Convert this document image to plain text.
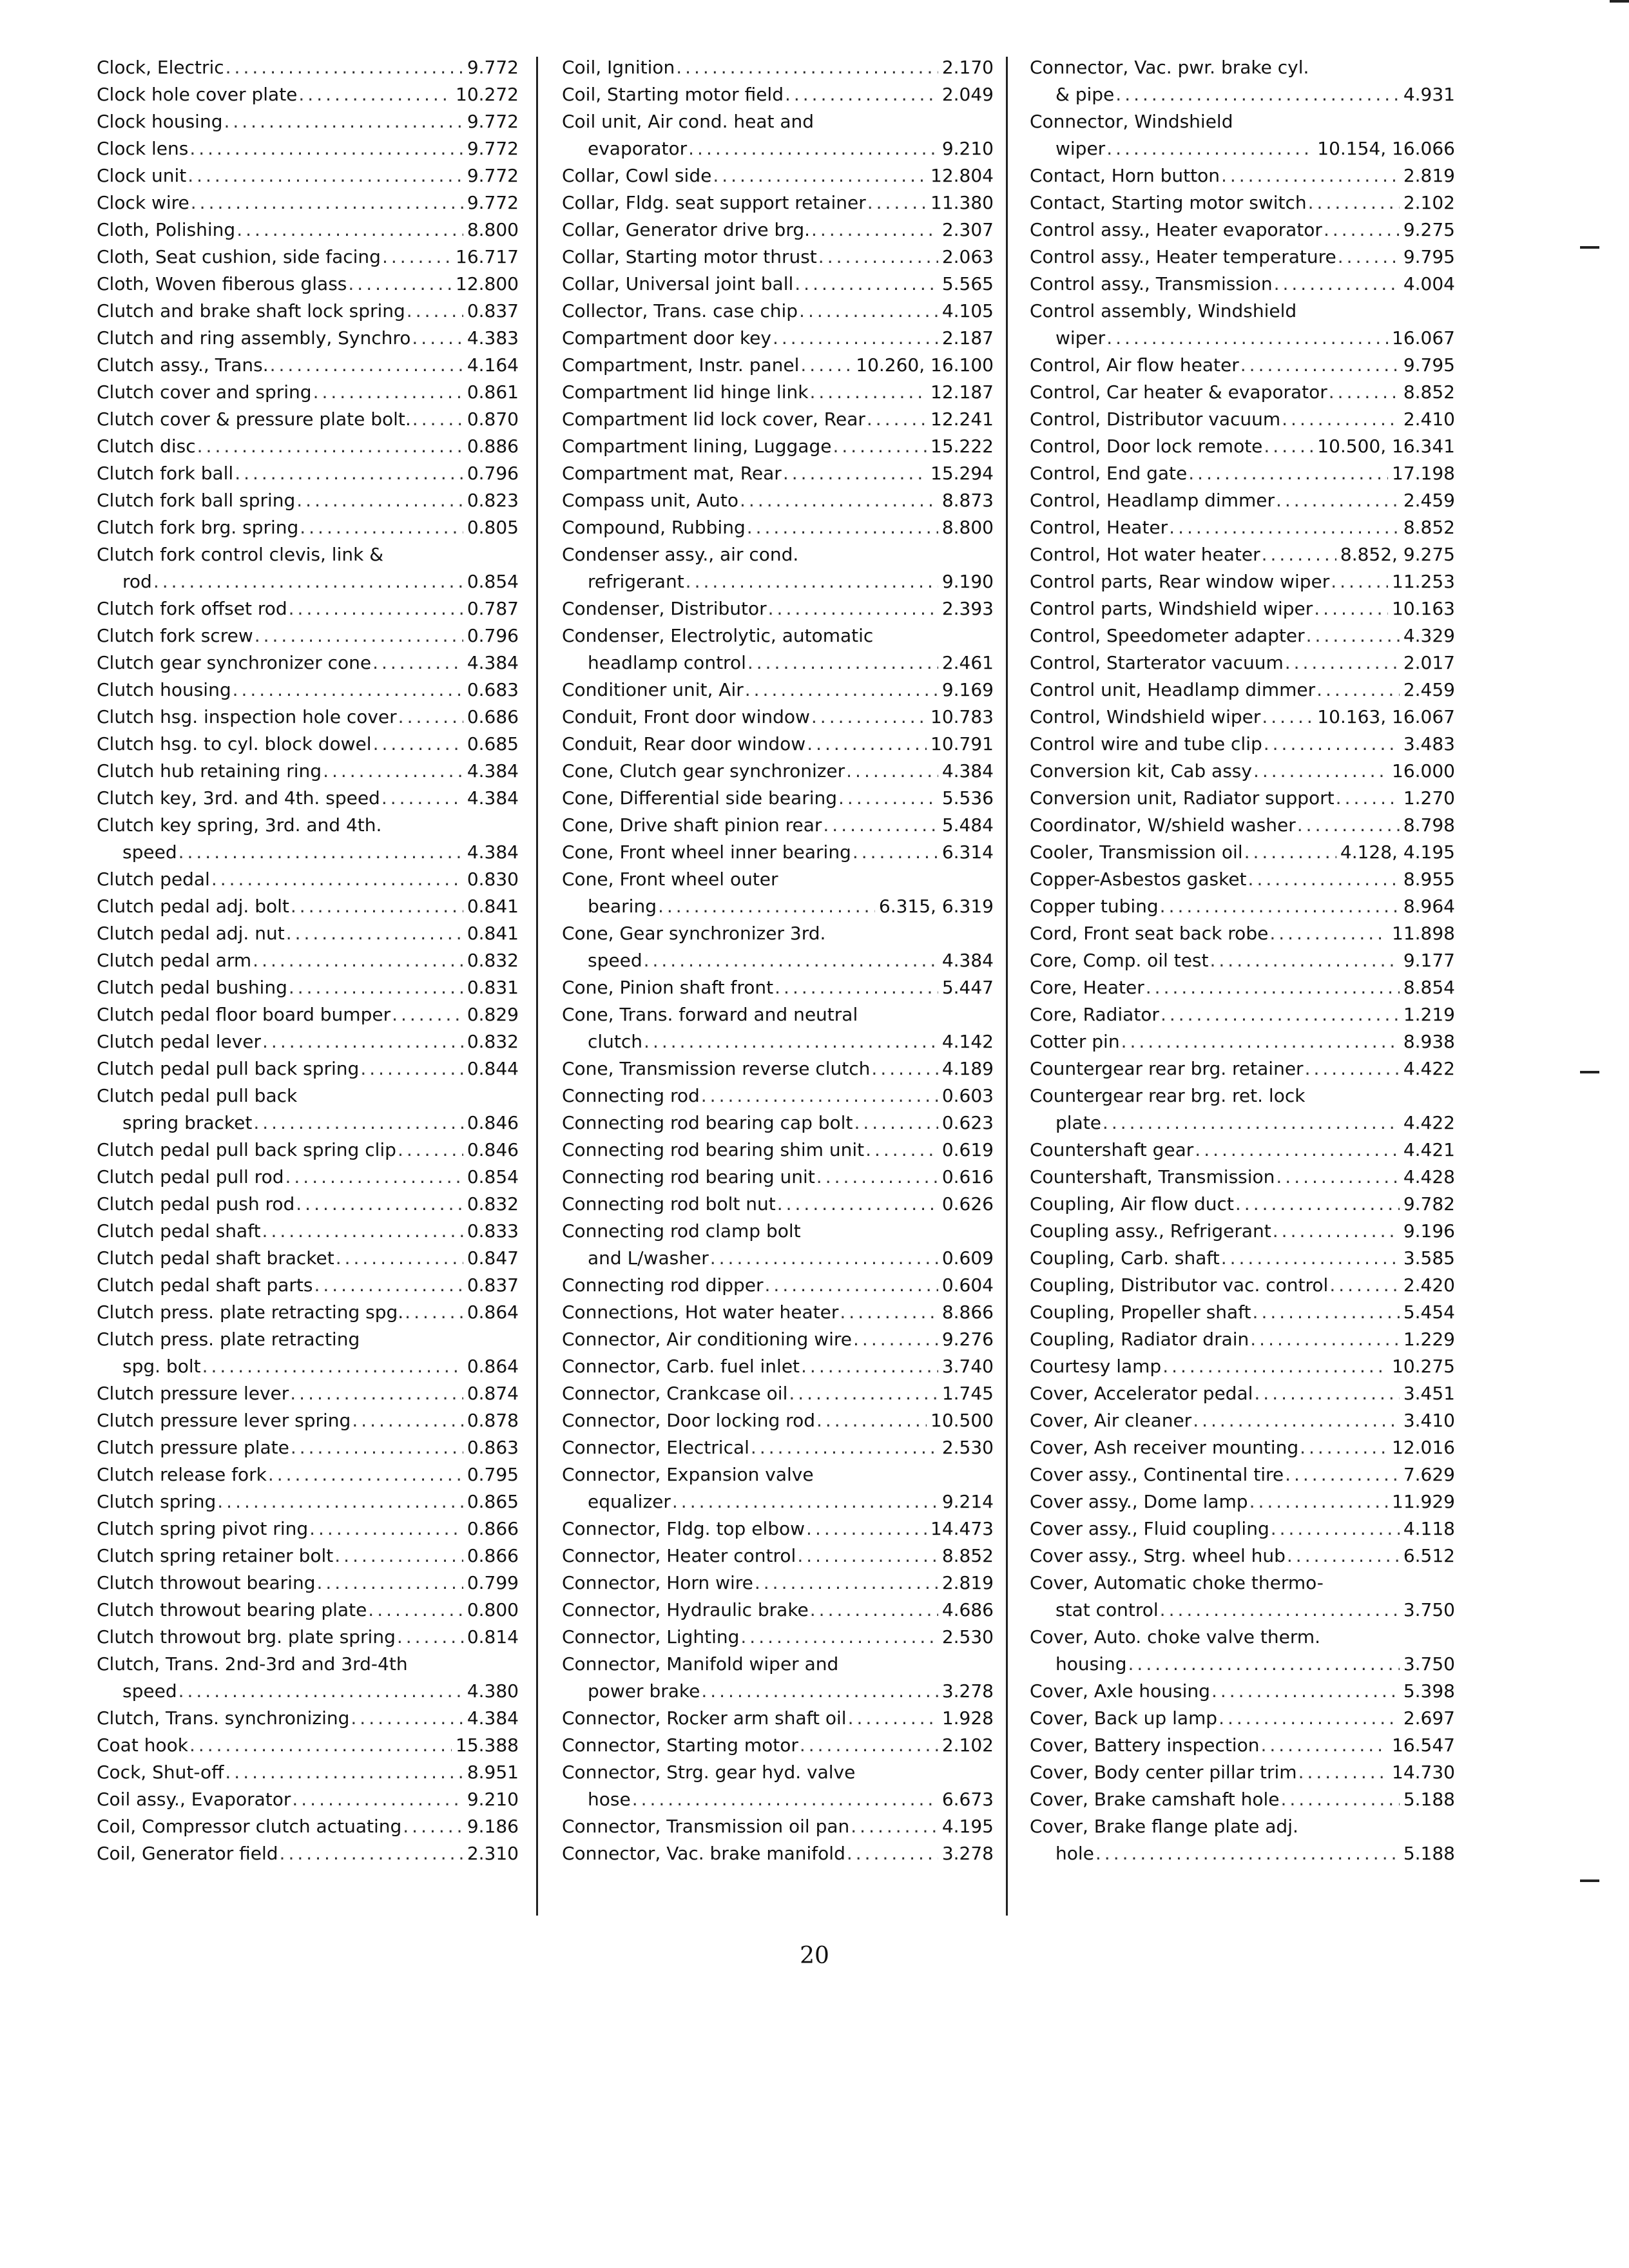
Clock, Electric .....	9.772
Clock hole cover plate .....	10.272
Clock housing .....	9.772
Clock lens .....	9.772
Clock unit .....	9.772
Clock wire .....	9.772
Cloth, Polishing .....	8.800
Cloth, Seat cushion, side facing .....	16.717
Cloth, Woven fiberous glass .....	12.800
Clutch and brake shaft lock spring .....	0.837
Clutch and ring assembly, Synchro .....	4.383
Clutch assy., Trans. .....	4.164
Clutch cover and spring .....	0.861
Clutch cover & pressure plate bolt. .....	0.870
Clutch disc .....	0.886
Clutch fork ball .....	0.796
Clutch fork ball spring .....	0.823
Clutch fork brg. spring .....	0.805
Clutch fork control clevis, link &
rod .....	0.854
Clutch fork offset rod .....	0.787
Clutch fork screw .....	0.796
Clutch gear synchronizer cone .....	4.384
Clutch housing .....	0.683
Clutch hsg. inspection hole cover .....	0.686
Clutch hsg. to cyl. block dowel .....	0.685
Clutch hub retaining ring .....	4.384
Clutch key, 3rd. and 4th. speed .....	4.384
Clutch key spring, 3rd. and 4th.
speed .....	4.384
Clutch pedal .....	0.830
Clutch pedal adj. bolt .....	0.841
Clutch pedal adj. nut .....	0.841
Clutch pedal arm .....	0.832
Clutch pedal bushing .....	0.831
Clutch pedal floor board bumper .....	0.829
Clutch pedal lever .....	0.832
Clutch pedal pull back spring .....	0.844
Clutch pedal pull back
spring bracket .....	0.846
Clutch pedal pull back spring clip .....	0.846
Clutch pedal pull rod .....	0.854
Clutch pedal push rod .....	0.832
Clutch pedal shaft .....	0.833
Clutch pedal shaft bracket .....	0.847
Clutch pedal shaft parts .....	0.837
Clutch press. plate retracting spg. .....	0.864
Clutch press. plate retracting
spg. bolt .....	0.864
Clutch pressure lever .....	0.874
Clutch pressure lever spring .....	0.878
Clutch pressure plate .....	0.863
Clutch release fork .....	0.795
Clutch spring .....	0.865
Clutch spring pivot ring .....	0.866
Clutch spring retainer bolt .....	0.866
Clutch throwout bearing .....	0.799
Clutch throwout bearing plate .....	0.800
Clutch throwout brg. plate spring .....	0.814
Clutch, Trans. 2nd-3rd and 3rd-4th
speed .....	4.380
Clutch, Trans. synchronizing .....	4.384
Coat hook .....	15.388
Cock, Shut-off .....	8.951
Coil assy., Evaporator .....	9.210
Coil, Compressor clutch actuating .....	9.186
Coil, Generator field .....	2.310
Coil, Ignition .....	2.170
Coil, Starting motor field .....	2.049
Coil unit, Air cond. heat and
evaporator .....	9.210
Collar, Cowl side .....	12.804
Collar, Fldg. seat support retainer .....	11.380
Collar, Generator drive brg. .....	2.307
Collar, Starting motor thrust .....	2.063
Collar, Universal joint ball .....	5.565
Collector, Trans. case chip .....	4.105
Compartment door key .....	2.187
Compartment, Instr. panel .....	10.260, 16.100
Compartment lid hinge link .....	12.187
Compartment lid lock cover, Rear .....	12.241
Compartment lining, Luggage .....	15.222
Compartment mat, Rear .....	15.294
Compass unit, Auto .....	8.873
Compound, Rubbing .....	8.800
Condenser assy., air cond.
refrigerant .....	9.190
Condenser, Distributor .....	2.393
Condenser, Electrolytic, automatic
headlamp control .....	2.461
Conditioner unit, Air .....	9.169
Conduit, Front door window .....	10.783
Conduit, Rear door window .....	10.791
Cone, Clutch gear synchronizer .....	4.384
Cone, Differential side bearing .....	5.536
Cone, Drive shaft pinion rear .....	5.484
Cone, Front wheel inner bearing .....	6.314
Cone, Front wheel outer
bearing .....	6.315, 6.319
Cone, Gear synchronizer 3rd.
speed .....	4.384
Cone, Pinion shaft front .....	5.447
Cone, Trans. forward and neutral
clutch .....	4.142
Cone, Transmission reverse clutch .....	4.189
Connecting rod .....	0.603
Connecting rod bearing cap bolt .....	0.623
Connecting rod bearing shim unit .....	0.619
Connecting rod bearing unit .....	0.616
Connecting rod bolt nut .....	0.626
Connecting rod clamp bolt
and L/washer .....	0.609
Connecting rod dipper .....	0.604
Connections, Hot water heater .....	8.866
Connector, Air conditioning wire .....	9.276
Connector, Carb. fuel inlet .....	3.740
Connector, Crankcase oil .....	1.745
Connector, Door locking rod .....	10.500
Connector, Electrical .....	2.530
Connector, Expansion valve
equalizer .....	9.214
Connector, Fldg. top elbow .....	14.473
Connector, Heater control .....	8.852
Connector, Horn wire .....	2.819
Connector, Hydraulic brake .....	4.686
Connector, Lighting .....	2.530
Connector, Manifold wiper and
power brake .....	3.278
Connector, Rocker arm shaft oil .....	1.928
Connector, Starting motor .....	2.102
Connector, Strg. gear hyd. valve
hose .....	6.673
Connector, Transmission oil pan .....	4.195
Connector, Vac. brake manifold .....	3.278
Connector, Vac. pwr. brake cyl.
& pipe .....	4.931
Connector, Windshield
wiper .....	10.154, 16.066
Contact, Horn button .....	2.819
Contact, Starting motor switch .....	2.102
Control assy., Heater evaporator .....	9.275
Control assy., Heater temperature .....	9.795
Control assy., Transmission .....	4.004
Control assembly, Windshield
wiper .....	16.067
Control, Air flow heater .....	9.795
Control, Car heater & evaporator .....	8.852
Control, Distributor vacuum .....	2.410
Control, Door lock remote .....	10.500, 16.341
Control, End gate .....	17.198
Control, Headlamp dimmer .....	2.459
Control, Heater .....	8.852
Control, Hot water heater .....	8.852, 9.275
Control parts, Rear window wiper .....	11.253
Control parts, Windshield wiper .....	10.163
Control, Speedometer adapter .....	4.329
Control, Starterator vacuum .....	2.017
Control unit, Headlamp dimmer .....	2.459
Control, Windshield wiper .....	10.163, 16.067
Control wire and tube clip .....	3.483
Conversion kit, Cab assy .....	16.000
Conversion unit, Radiator support .....	1.270
Coordinator, W/shield washer .....	8.798
Cooler, Transmission oil .....	4.128, 4.195
Copper-Asbestos gasket .....	8.955
Copper tubing .....	8.964
Cord, Front seat back robe .....	11.898
Core, Comp. oil test .....	9.177
Core, Heater .....	8.854
Core, Radiator .....	1.219
Cotter pin .....	8.938
Countergear rear brg. retainer .....	4.422
Countergear rear brg. ret. lock
plate .....	4.422
Countershaft gear .....	4.421
Countershaft, Transmission .....	4.428
Coupling, Air flow duct .....	9.782
Coupling assy., Refrigerant .....	9.196
Coupling, Carb. shaft .....	3.585
Coupling, Distributor vac. control .....	2.420
Coupling, Propeller shaft .....	5.454
Coupling, Radiator drain .....	1.229
Courtesy lamp .....	10.275
Cover, Accelerator pedal .....	3.451
Cover, Air cleaner .....	3.410
Cover, Ash receiver mounting .....	12.016
Cover assy., Continental tire .....	7.629
Cover assy., Dome lamp .....	11.929
Cover assy., Fluid coupling .....	4.118
Cover assy., Strg. wheel hub .....	6.512
Cover, Automatic choke thermo-
stat control .....	3.750
Cover, Auto. choke valve therm.
housing .....	3.750
Cover, Axle housing .....	5.398
Cover, Back up lamp .....	2.697
Cover, Battery inspection .....	16.547
Cover, Body center pillar trim .....	14.730
Cover, Brake camshaft hole .....	5.188
Cover, Brake flange plate adj.
hole .....	5.188
20
